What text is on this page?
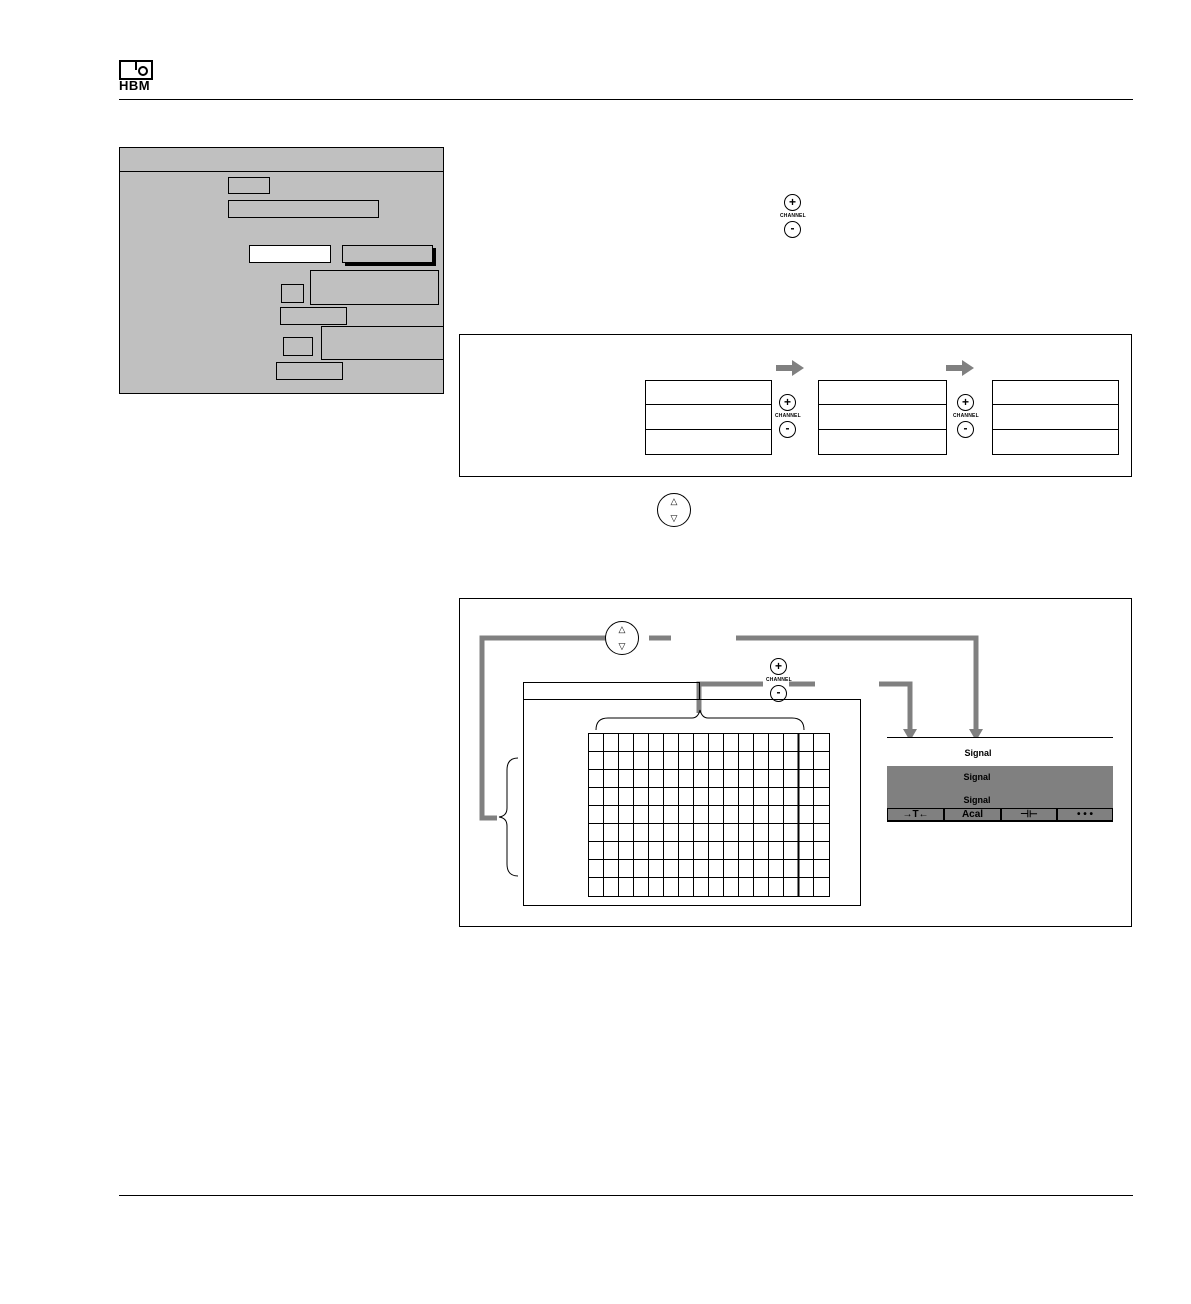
HBM
+
CHANNEL
-
+
CHANNEL
-
+
CHANNEL
-
△
▽
△
▽
+
CHANNEL
-
Signal
Signal
Signal
→T←	Acal	⊣⊢	• • •
